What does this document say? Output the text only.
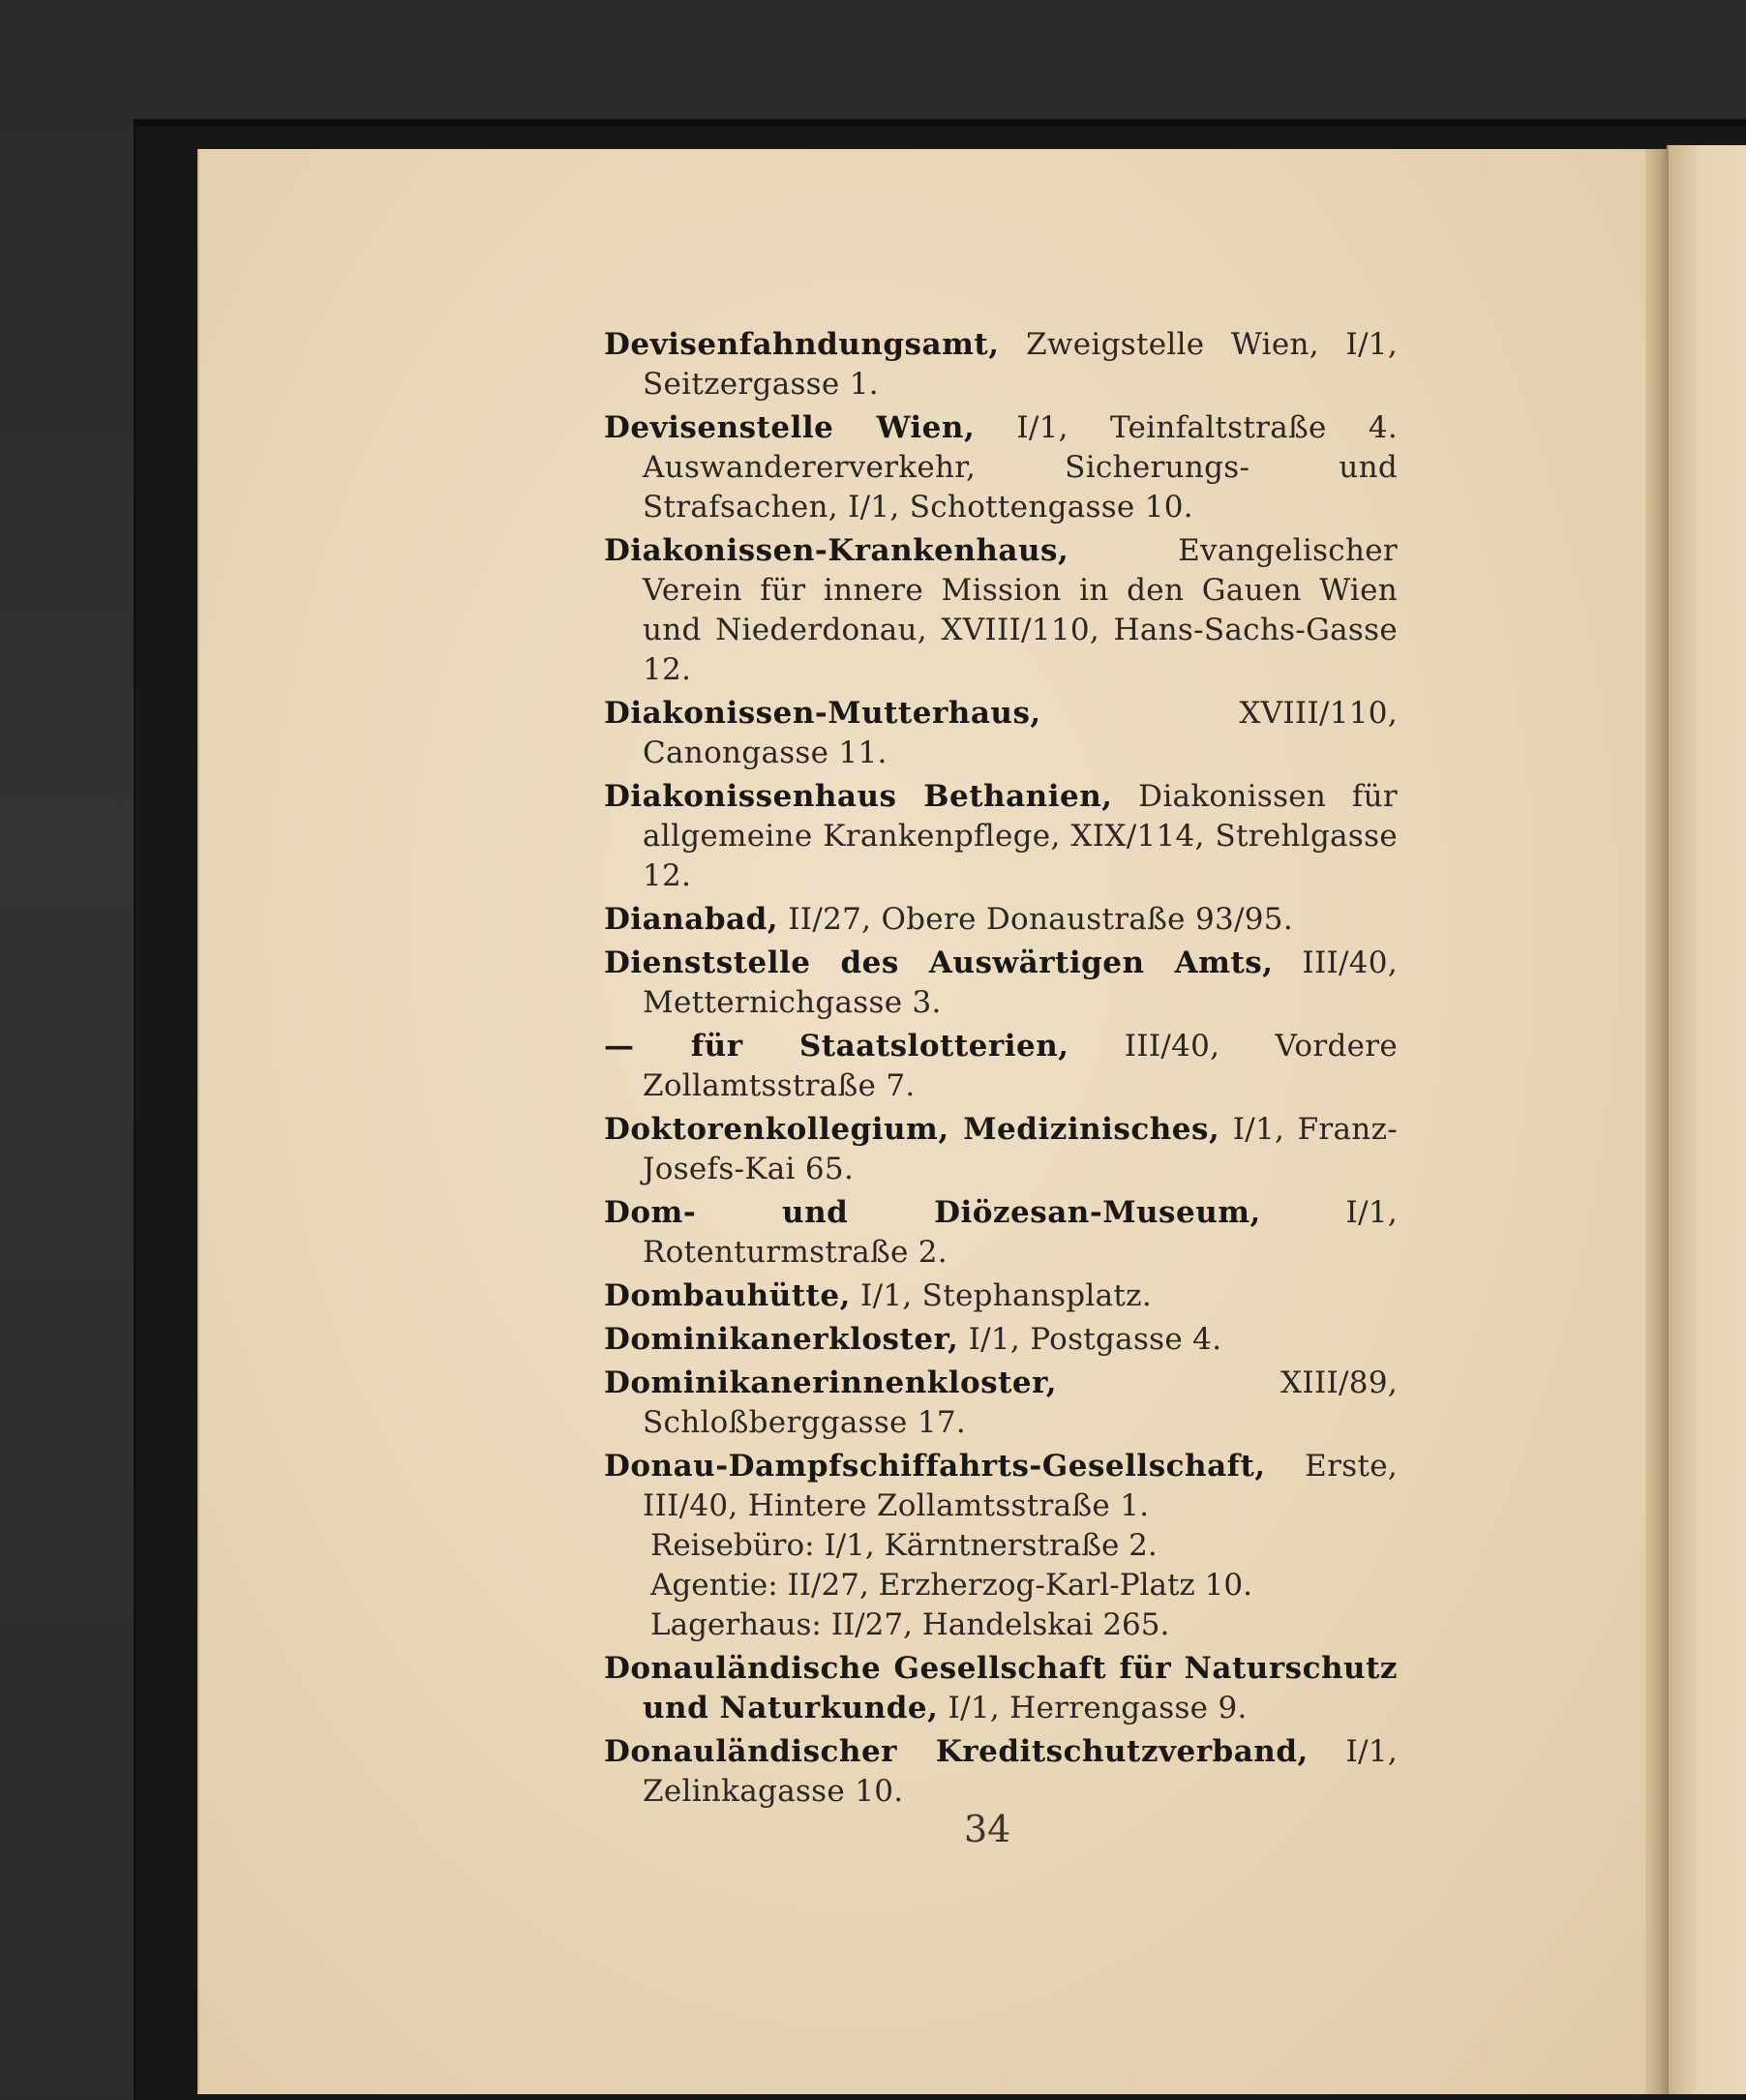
Devisenfahndungsamt, Zweigstelle Wien, I/1, Seitzergasse 1.

Devisenstelle Wien, I/1, Teinfaltstraße 4. Auswandererverkehr, Sicherungs- und Strafsachen, I/1, Schottengasse 10.

Diakonissen-Krankenhaus, Evangelischer Verein für innere Mission in den Gauen Wien und Niederdonau, XVIII/110, Hans-Sachs-Gasse 12.

Diakonissen-Mutterhaus, XVIII/110, Canongasse 11.

Diakonissenhaus Bethanien, Diakonissen für allgemeine Krankenpflege, XIX/114, Strehlgasse 12.

Dianabad, II/27, Obere Donaustraße 93/95.

Dienststelle des Auswärtigen Amts, III/40, Metternichgasse 3.

— für Staatslotterien, III/40, Vordere Zollamtsstraße 7.

Doktorenkollegium, Medizinisches, I/1, Franz-Josefs-Kai 65.

Dom- und Diözesan-Museum, I/1, Rotenturmstraße 2.

Dombauhütte, I/1, Stephansplatz.

Dominikanerkloster, I/1, Postgasse 4.

Dominikanerinnenkloster, XIII/89, Schloßberggasse 17.

Donau-Dampfschiffahrts-Gesellschaft, Erste, III/40, Hintere Zollamtsstraße 1.
Reisebüro: I/1, Kärntnerstraße 2.
Agentie: II/27, Erzherzog-Karl-Platz 10.
Lagerhaus: II/27, Handelskai 265.

Donauländische Gesellschaft für Naturschutz und Naturkunde, I/1, Herrengasse 9.

Donauländischer Kreditschutzverband, I/1, Zelinkagasse 10.

34
